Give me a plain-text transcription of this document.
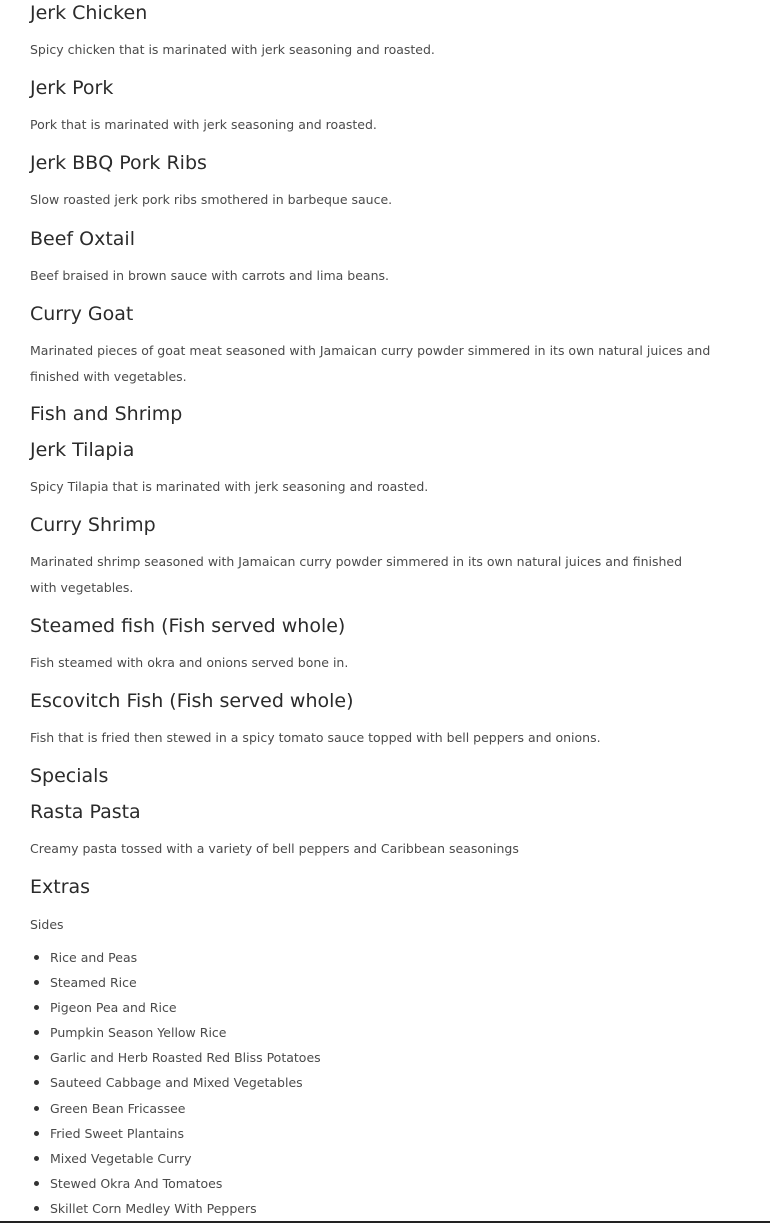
Jerk Chicken

Spicy chicken that is marinated with jerk seasoning and roasted.

Jerk Pork

Pork that is marinated with jerk seasoning and roasted.

Jerk BBQ Pork Ribs

Slow roasted jerk pork ribs smothered in barbeque sauce.

Beef Oxtail

Beef braised in brown sauce with carrots and lima beans.

Curry Goat

Marinated pieces of goat meat seasoned with Jamaican curry powder simmered in its own natural juices and finished with vegetables.

Fish and Shrimp
Jerk Tilapia

Spicy Tilapia that is marinated with jerk seasoning and roasted.

Curry Shrimp

Marinated shrimp seasoned with Jamaican curry powder simmered in its own natural juices and finished with vegetables.

Steamed fish (Fish served whole)

Fish steamed with okra and onions served bone in.

Escovitch Fish (Fish served whole)

Fish that is fried then stewed in a spicy tomato sauce topped with bell peppers and onions.

Specials
Rasta Pasta

Creamy pasta tossed with a variety of bell peppers and Caribbean seasonings

Extras

Sides

Rice and Peas
Steamed Rice
Pigeon Pea and Rice
Pumpkin Season Yellow Rice
Garlic and Herb Roasted Red Bliss Potatoes
Sauteed Cabbage and Mixed Vegetables
Green Bean Fricassee
Fried Sweet Plantains
Mixed Vegetable Curry
Stewed Okra And Tomatoes
Skillet Corn Medley With Peppers
